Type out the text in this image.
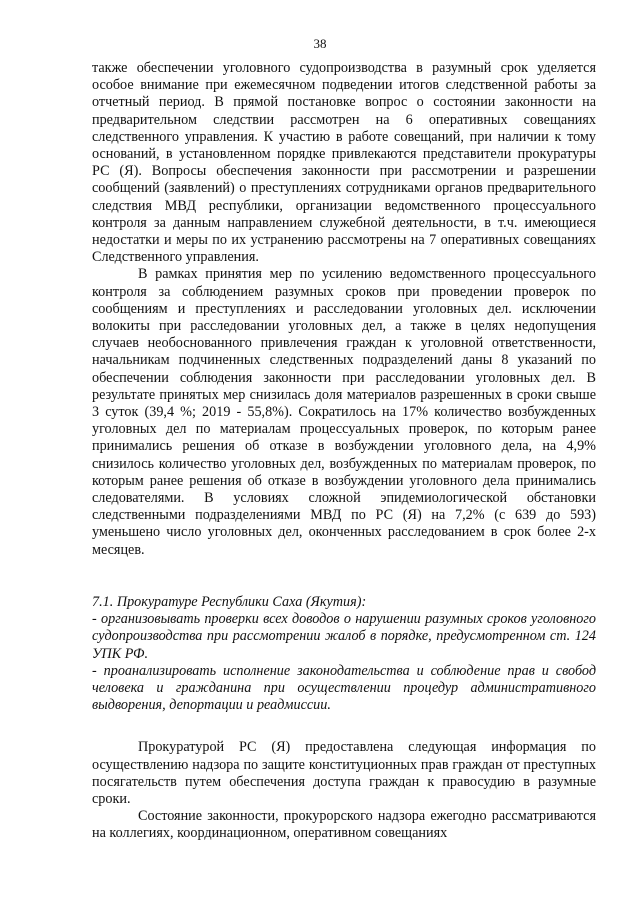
38

также обеспечении уголовного судопроизводства в разумный срок уделяется особое внимание при ежемесячном подведении итогов следственной работы за отчетный период. В прямой постановке вопрос о состоянии законности на предварительном следствии рассмотрен на 6 оперативных совещаниях следственного управления. К участию в работе совещаний, при наличии к тому оснований, в установленном порядке привлекаются представители прокуратуры РС (Я). Вопросы обеспечения законности при рассмотрении и разрешении сообщений (заявлений) о преступлениях сотрудниками органов предварительного следствия МВД республики, организации ведомственного процессуального контроля за данным направлением служебной деятельности, в т.ч. имеющиеся недостатки и меры по их устранению рассмотрены на 7 оперативных совещаниях Следственного управления.

В рамках принятия мер по усилению ведомственного процессуального контроля за соблюдением разумных сроков при проведении проверок по сообщениям и преступлениях и расследовании уголовных дел. исключении волокиты при расследовании уголовных дел, а также в целях недопущения случаев необоснованного привлечения граждан к уголовной ответственности, начальникам подчиненных следственных подразделений даны 8 указаний по обеспечении соблюдения законности при расследовании уголовных дел. В результате принятых мер снизилась доля материалов разрешенных в сроки свыше 3 суток (39,4 %; 2019 - 55,8%). Сократилось на 17% количество возбужденных уголовных дел по материалам процессуальных проверок, по которым ранее принимались решения об отказе в возбуждении уголовного дела, на 4,9% снизилось количество уголовных дел, возбужденных по материалам проверок, по которым ранее решения об отказе в возбуждении уголовного дела принимались следователями. В условиях сложной эпидемиологической обстановки следственными подразделениями МВД по РС (Я) на 7,2% (с 639 до 593) уменьшено число уголовных дел, оконченных расследованием в срок более 2-х месяцев.

7.1. Прокуратуре Республики Саха (Якутия):

- организовывать проверки всех доводов о нарушении разумных сроков уголовного судопроизводства при рассмотрении жалоб в порядке, предусмотренном ст. 124 УПК РФ.

- проанализировать исполнение законодательства и соблюдение прав и свобод человека и гражданина при осуществлении процедур административного выдворения, депортации и реадмиссии.

Прокуратурой РС (Я) предоставлена следующая информация по осуществлению надзора по защите конституционных прав граждан от преступных посягательств путем обеспечения доступа граждан к правосудию в разумные сроки.

Состояние законности, прокурорского надзора ежегодно рассматриваются на коллегиях, координационном, оперативном совещаниях
